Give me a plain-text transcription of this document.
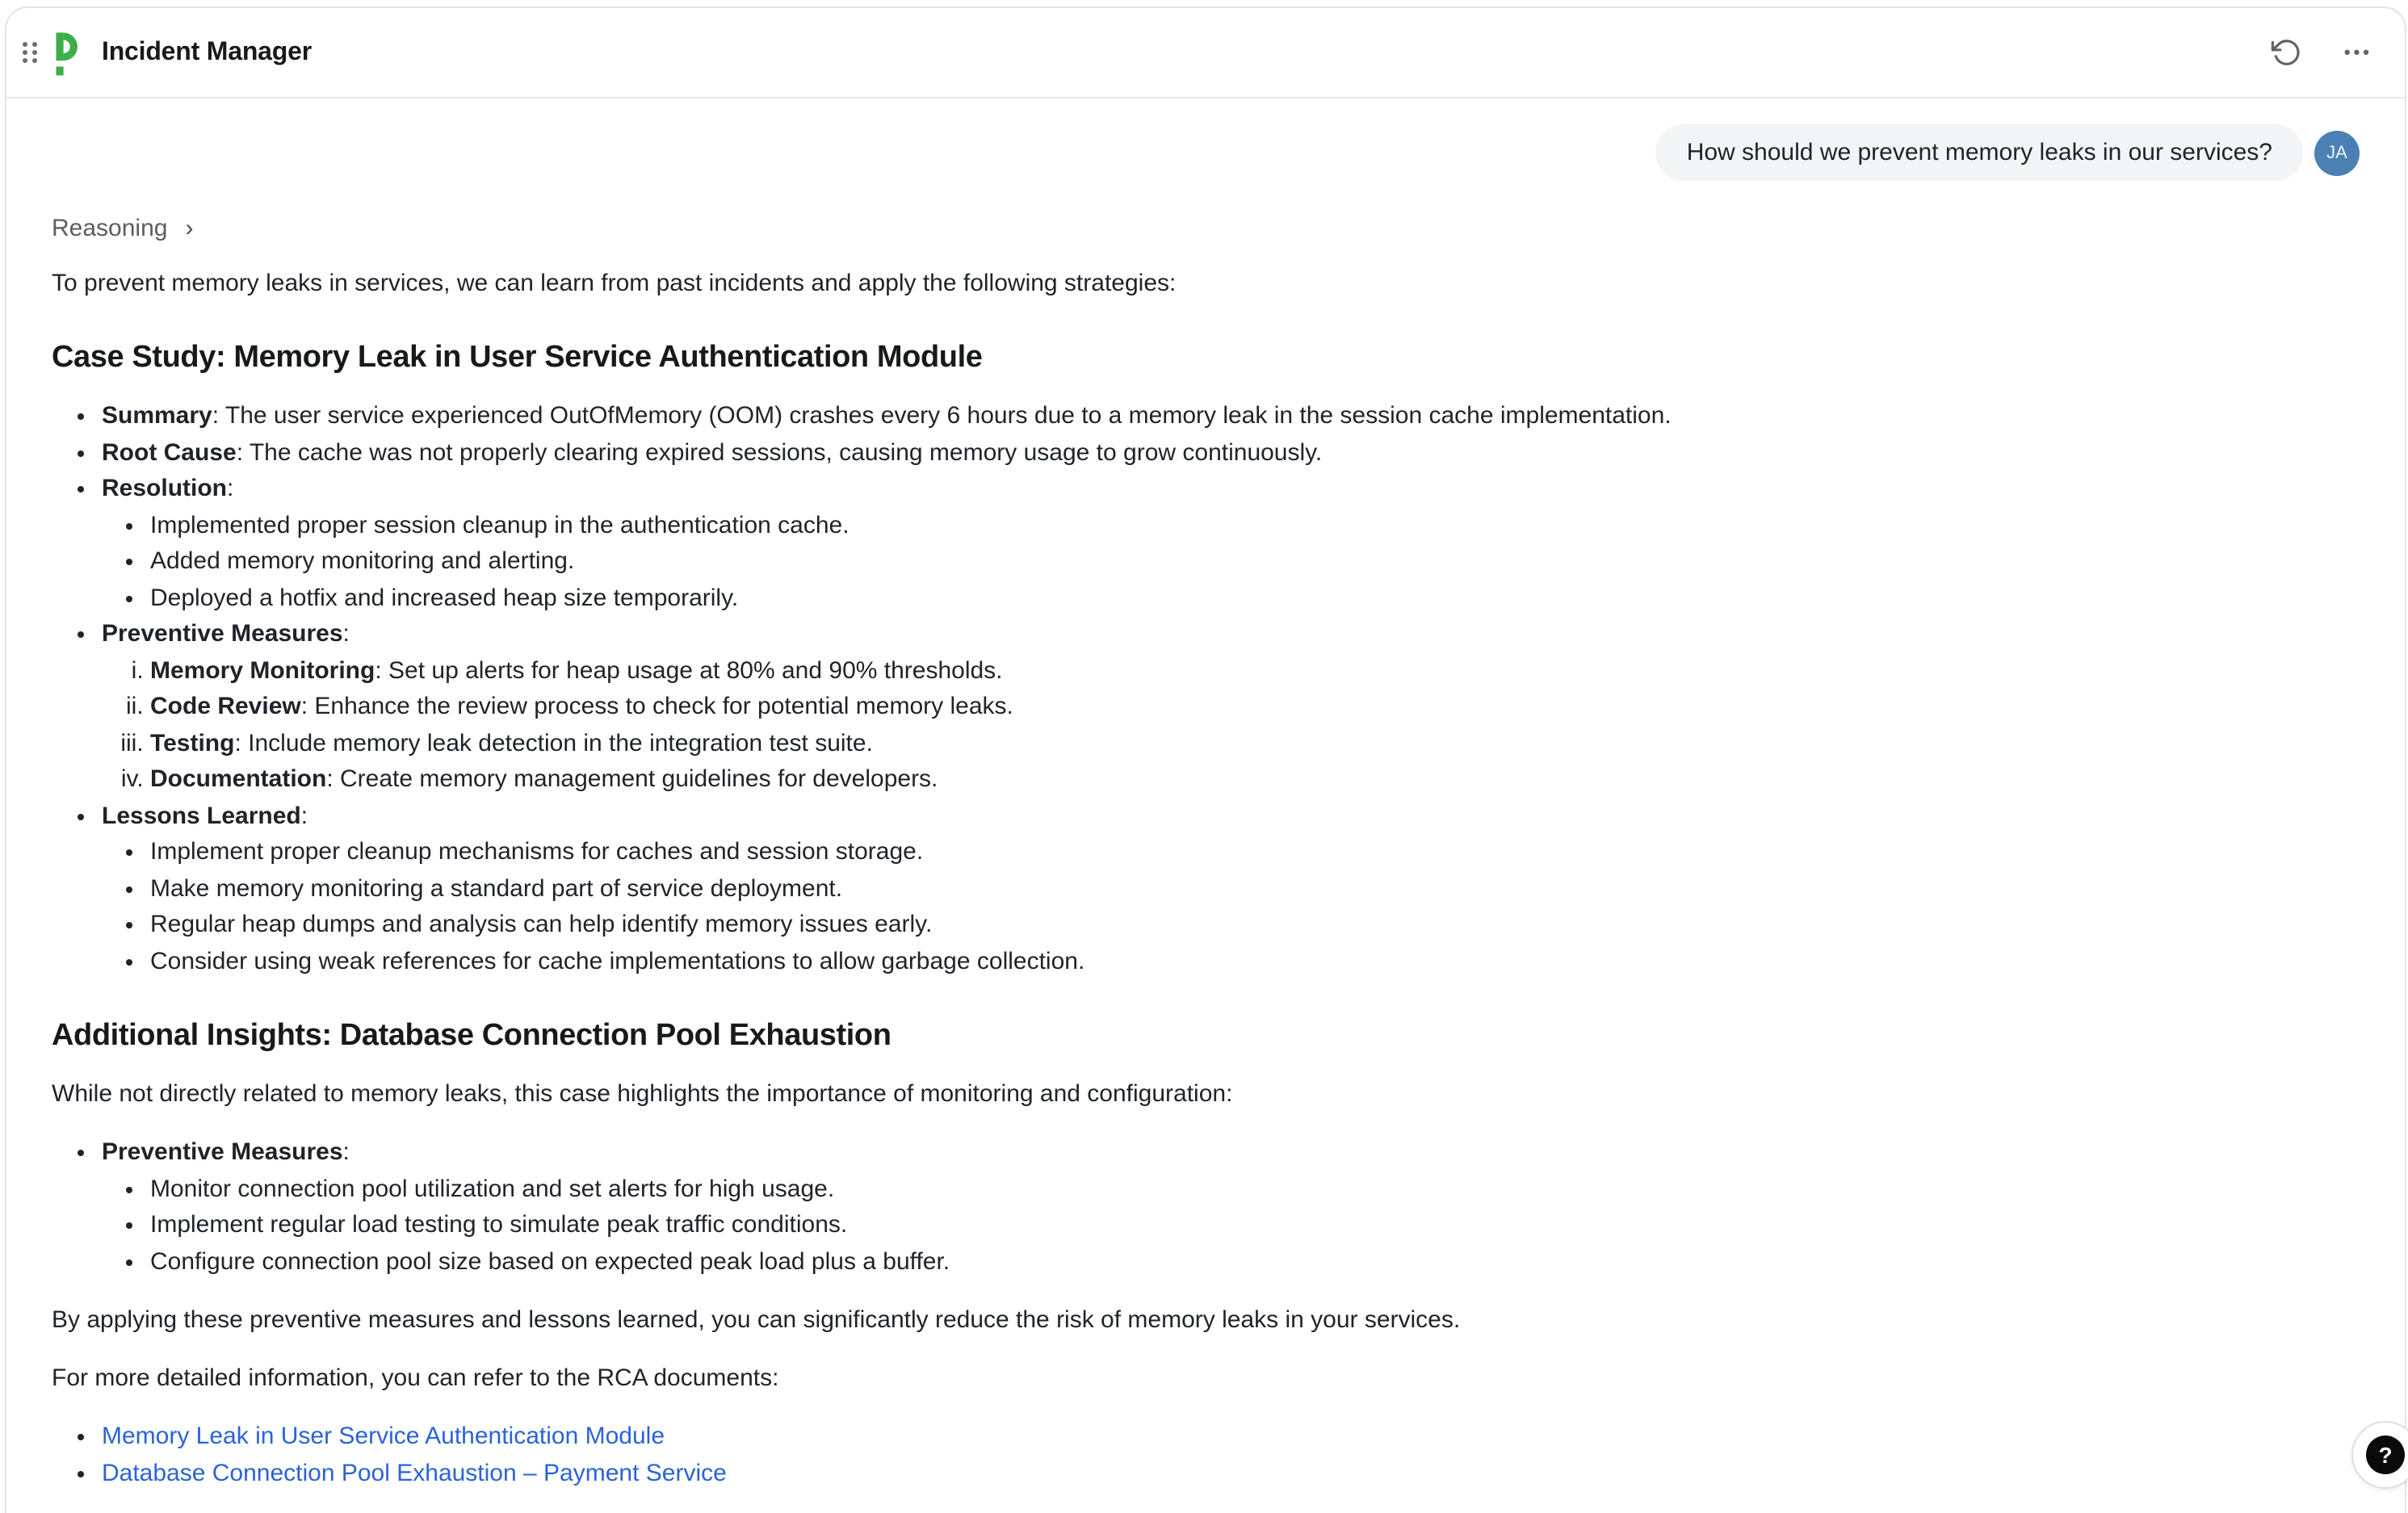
Incident Manager	•••
How should we prevent memory leaks in our services?	JA
Reasoning ›

To prevent memory leaks in services, we can learn from past incidents and apply the following strategies:

Case Study: Memory Leak in User Service Authentication Module
• Summary: The user service experienced OutOfMemory (OOM) crashes every 6 hours due to a memory leak in the session cache implementation.
• Root Cause: The cache was not properly clearing expired sessions, causing memory usage to grow continuously.
• Resolution:
• Implemented proper session cleanup in the authentication cache.
• Added memory monitoring and alerting.
• Deployed a hotfix and increased heap size temporarily.
• Preventive Measures:
i. Memory Monitoring: Set up alerts for heap usage at 80% and 90% thresholds.
ii. Code Review: Enhance the review process to check for potential memory leaks.
iii. Testing: Include memory leak detection in the integration test suite.
iv. Documentation: Create memory management guidelines for developers.
• Lessons Learned:
• Implement proper cleanup mechanisms for caches and session storage.
• Make memory monitoring a standard part of service deployment.
• Regular heap dumps and analysis can help identify memory issues early.
• Consider using weak references for cache implementations to allow garbage collection.
Additional Insights: Database Connection Pool Exhaustion

While not directly related to memory leaks, this case highlights the importance of monitoring and configuration:

• Preventive Measures:
• Monitor connection pool utilization and set alerts for high usage.
• Implement regular load testing to simulate peak traffic conditions.
• Configure connection pool size based on expected peak load plus a buffer.

By applying these preventive measures and lessons learned, you can significantly reduce the risk of memory leaks in your services.

For more detailed information, you can refer to the RCA documents:

• Memory Leak in User Service Authentication Module
• Database Connection Pool Exhaustion – Payment Service
?
